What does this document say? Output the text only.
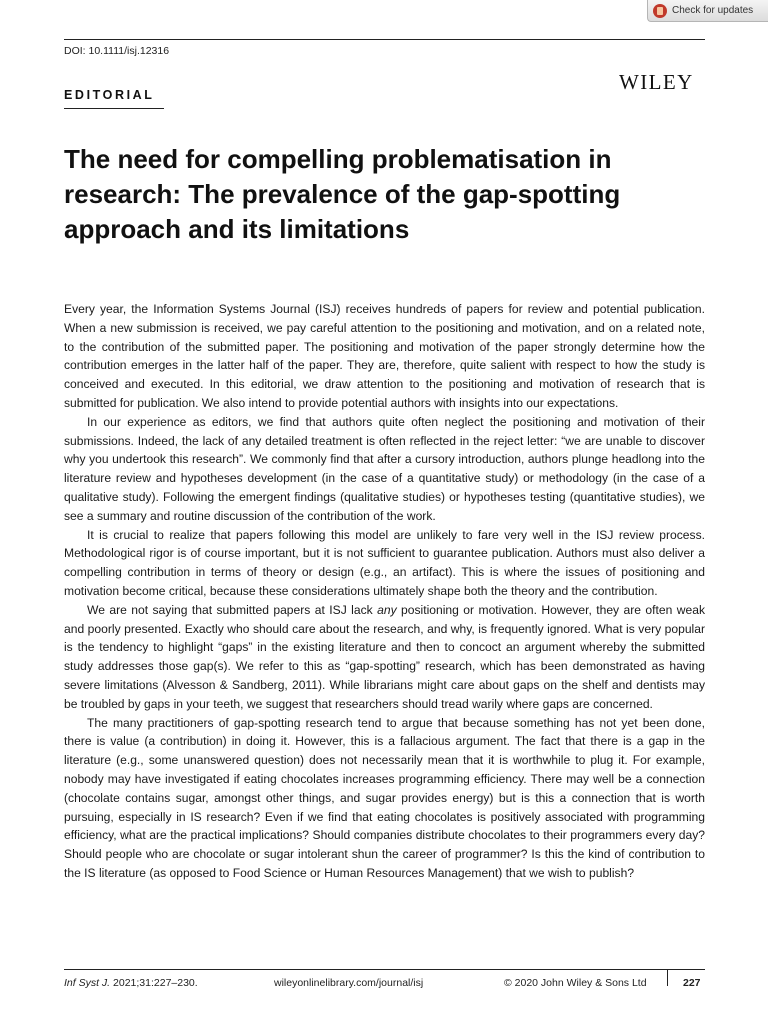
Check for updates
DOI: 10.1111/isj.12316
EDITORIAL
WILEY
The need for compelling problematisation in research: The prevalence of the gap-spotting approach and its limitations

Every year, the Information Systems Journal (ISJ) receives hundreds of papers for review and potential publication. When a new submission is received, we pay careful attention to the positioning and motivation, and on a related note, to the contribution of the submitted paper. The positioning and motivation of the paper strongly determine how the contribution emerges in the latter half of the paper. They are, therefore, quite salient with respect to how the study is conceived and executed. In this editorial, we draw attention to the positioning and motivation of research that is submitted for publication. We also intend to provide potential authors with insights into our expectations.

In our experience as editors, we find that authors quite often neglect the positioning and motivation of their submissions. Indeed, the lack of any detailed treatment is often reflected in the reject letter: “we are unable to discover why you undertook this research”. We commonly find that after a cursory introduction, authors plunge headlong into the literature review and hypotheses development (in the case of a quantitative study) or methodology (in the case of a qualitative study). Following the emergent findings (qualitative studies) or hypotheses testing (quantitative studies), we see a summary and routine discussion of the contribution of the work.

It is crucial to realize that papers following this model are unlikely to fare very well in the ISJ review process. Methodological rigor is of course important, but it is not sufficient to guarantee publication. Authors must also deliver a compelling contribution in terms of theory or design (e.g., an artifact). This is where the issues of positioning and motivation become critical, because these considerations ultimately shape both the theory and the contribution.

We are not saying that submitted papers at ISJ lack any positioning or motivation. However, they are often weak and poorly presented. Exactly who should care about the research, and why, is frequently ignored. What is very popular is the tendency to highlight “gaps” in the existing literature and then to concoct an argument whereby the submitted study addresses those gap(s). We refer to this as “gap-spotting” research, which has been demonstrated as having severe limitations (Alvesson & Sandberg, 2011). While librarians might care about gaps on the shelf and dentists may be troubled by gaps in your teeth, we suggest that researchers should tread warily where gaps are concerned.

The many practitioners of gap-spotting research tend to argue that because something has not yet been done, there is value (a contribution) in doing it. However, this is a fallacious argument. The fact that there is a gap in the literature (e.g., some unanswered question) does not necessarily mean that it is worthwhile to plug it. For example, nobody may have investigated if eating chocolates increases programming efficiency. There may well be a connection (chocolate contains sugar, amongst other things, and sugar provides energy) but is this a connection that is worth pursuing, especially in IS research? Even if we find that eating chocolates is positively associated with programming efficiency, what are the practical implications? Should companies distribute chocolates to their programmers every day? Should people who are chocolate or sugar intolerant shun the career of programmer? Is this the kind of contribution to the IS literature (as opposed to Food Science or Human Resources Management) that we wish to publish?

Inf Syst J. 2021;31:227–230.	wileyonlinelibrary.com/journal/isj	© 2020 John Wiley & Sons Ltd	227
